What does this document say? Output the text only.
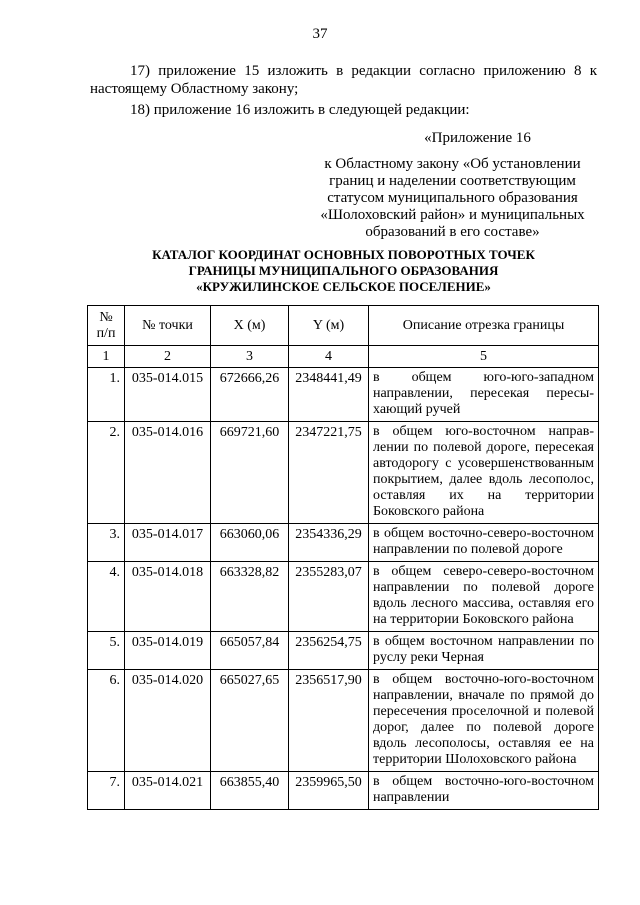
37
17) приложение 15 изложить в редакции согласно приложению 8 к настоящему Областному закону;
18) приложение 16 изложить в следующей редакции:
«Приложение 16
к Областному закону «Об установлении
границ и наделении соответствующим
статусом муниципального образования
«Шолоховский район» и муниципальных
образований в его составе»
КАТАЛОГ КООРДИНАТ ОСНОВНЫХ ПОВОРОТНЫХ ТОЧЕК
ГРАНИЦЫ МУНИЦИПАЛЬНОГО ОБРАЗОВАНИЯ
«КРУЖИЛИНСКОЕ СЕЛЬСКОЕ ПОСЕЛЕНИЕ»
№
п/п	№ точки	X (м)	Y (м)	Описание отрезка границы
1	2	3	4	5
1.	035-014.015	672666,26	2348441,49	в общем юго-юго-западном направлении, пересекая пересыхающий ручей
2.	035-014.016	669721,60	2347221,75	в общем юго-восточном направлении по полевой дороге, пересекая автодорогу с усовершенствованным покрытием, далее вдоль лесополос, оставляя их на территории Боковского района
3.	035-014.017	663060,06	2354336,29	в общем восточно-северо-восточном направлении по полевой дороге
4.	035-014.018	663328,82	2355283,07	в общем северо-северо-восточном направлении по полевой дороге вдоль лесного массива, оставляя его на территории Боковского района
5.	035-014.019	665057,84	2356254,75	в общем восточном направлении по руслу реки Черная
6.	035-014.020	665027,65	2356517,90	в общем восточно-юго-восточном направлении, вначале по прямой до пересечения проселочной и полевой дорог, далее по полевой дороге вдоль лесополосы, оставляя ее на территории Шолоховского района
7.	035-014.021	663855,40	2359965,50	в общем восточно-юго-восточном направлении
